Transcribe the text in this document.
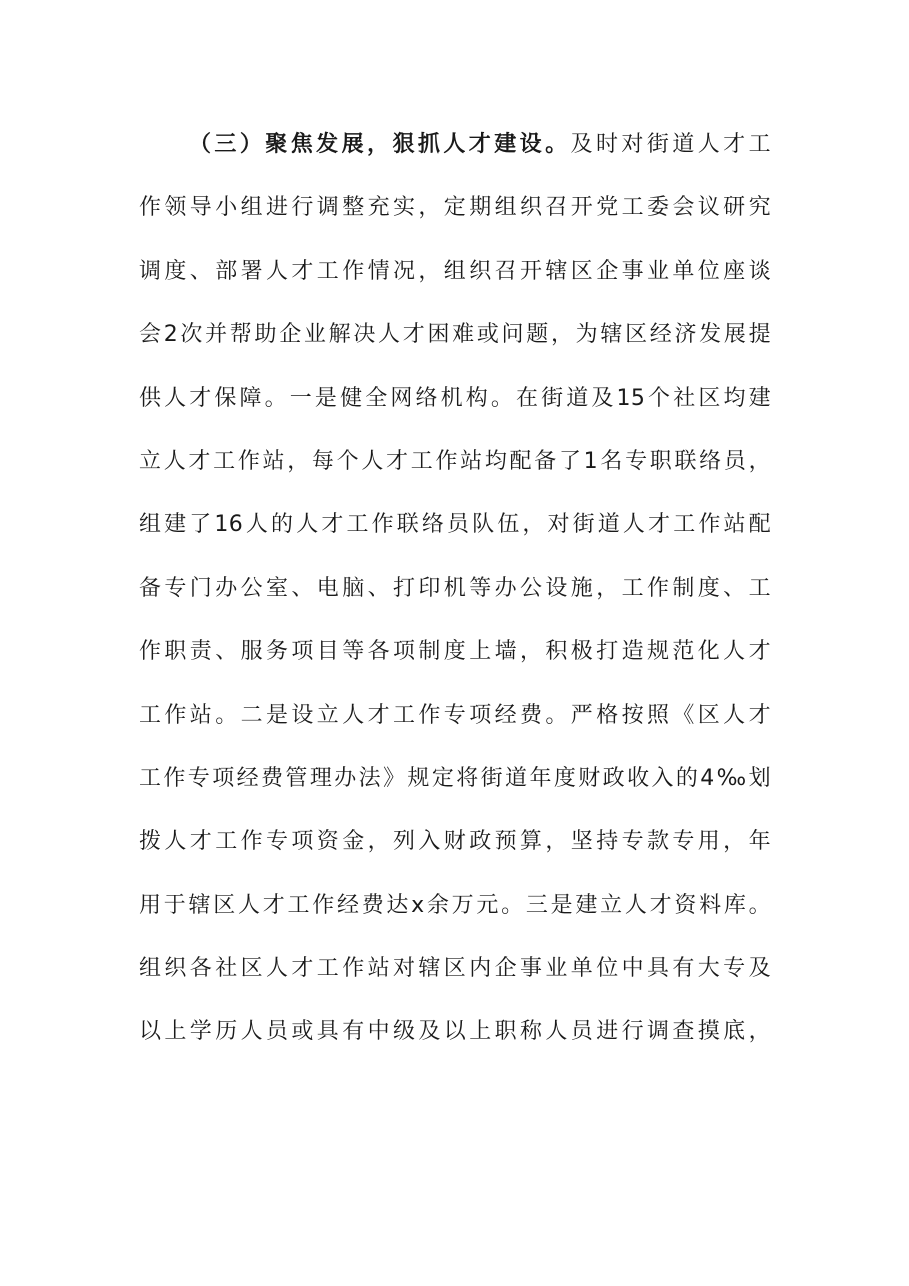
（三）聚焦发展，狠抓人才建设。及时对街道人才工
作领导小组进行调整充实，定期组织召开党工委会议研究
调度、部署人才工作情况，组织召开辖区企事业单位座谈
会2次并帮助企业解决人才困难或问题，为辖区经济发展提
供人才保障。一是健全网络机构。在街道及15个社区均建
立人才工作站，每个人才工作站均配备了1名专职联络员，
组建了16人的人才工作联络员队伍，对街道人才工作站配
备专门办公室、电脑、打印机等办公设施，工作制度、工
作职责、服务项目等各项制度上墙，积极打造规范化人才
工作站。二是设立人才工作专项经费。严格按照《区人才
工作专项经费管理办法》规定将街道年度财政收入的4‰划
拨人才工作专项资金，列入财政预算，坚持专款专用，年
用于辖区人才工作经费达x余万元。三是建立人才资料库。
组织各社区人才工作站对辖区内企事业单位中具有大专及
以上学历人员或具有中级及以上职称人员进行调查摸底，
